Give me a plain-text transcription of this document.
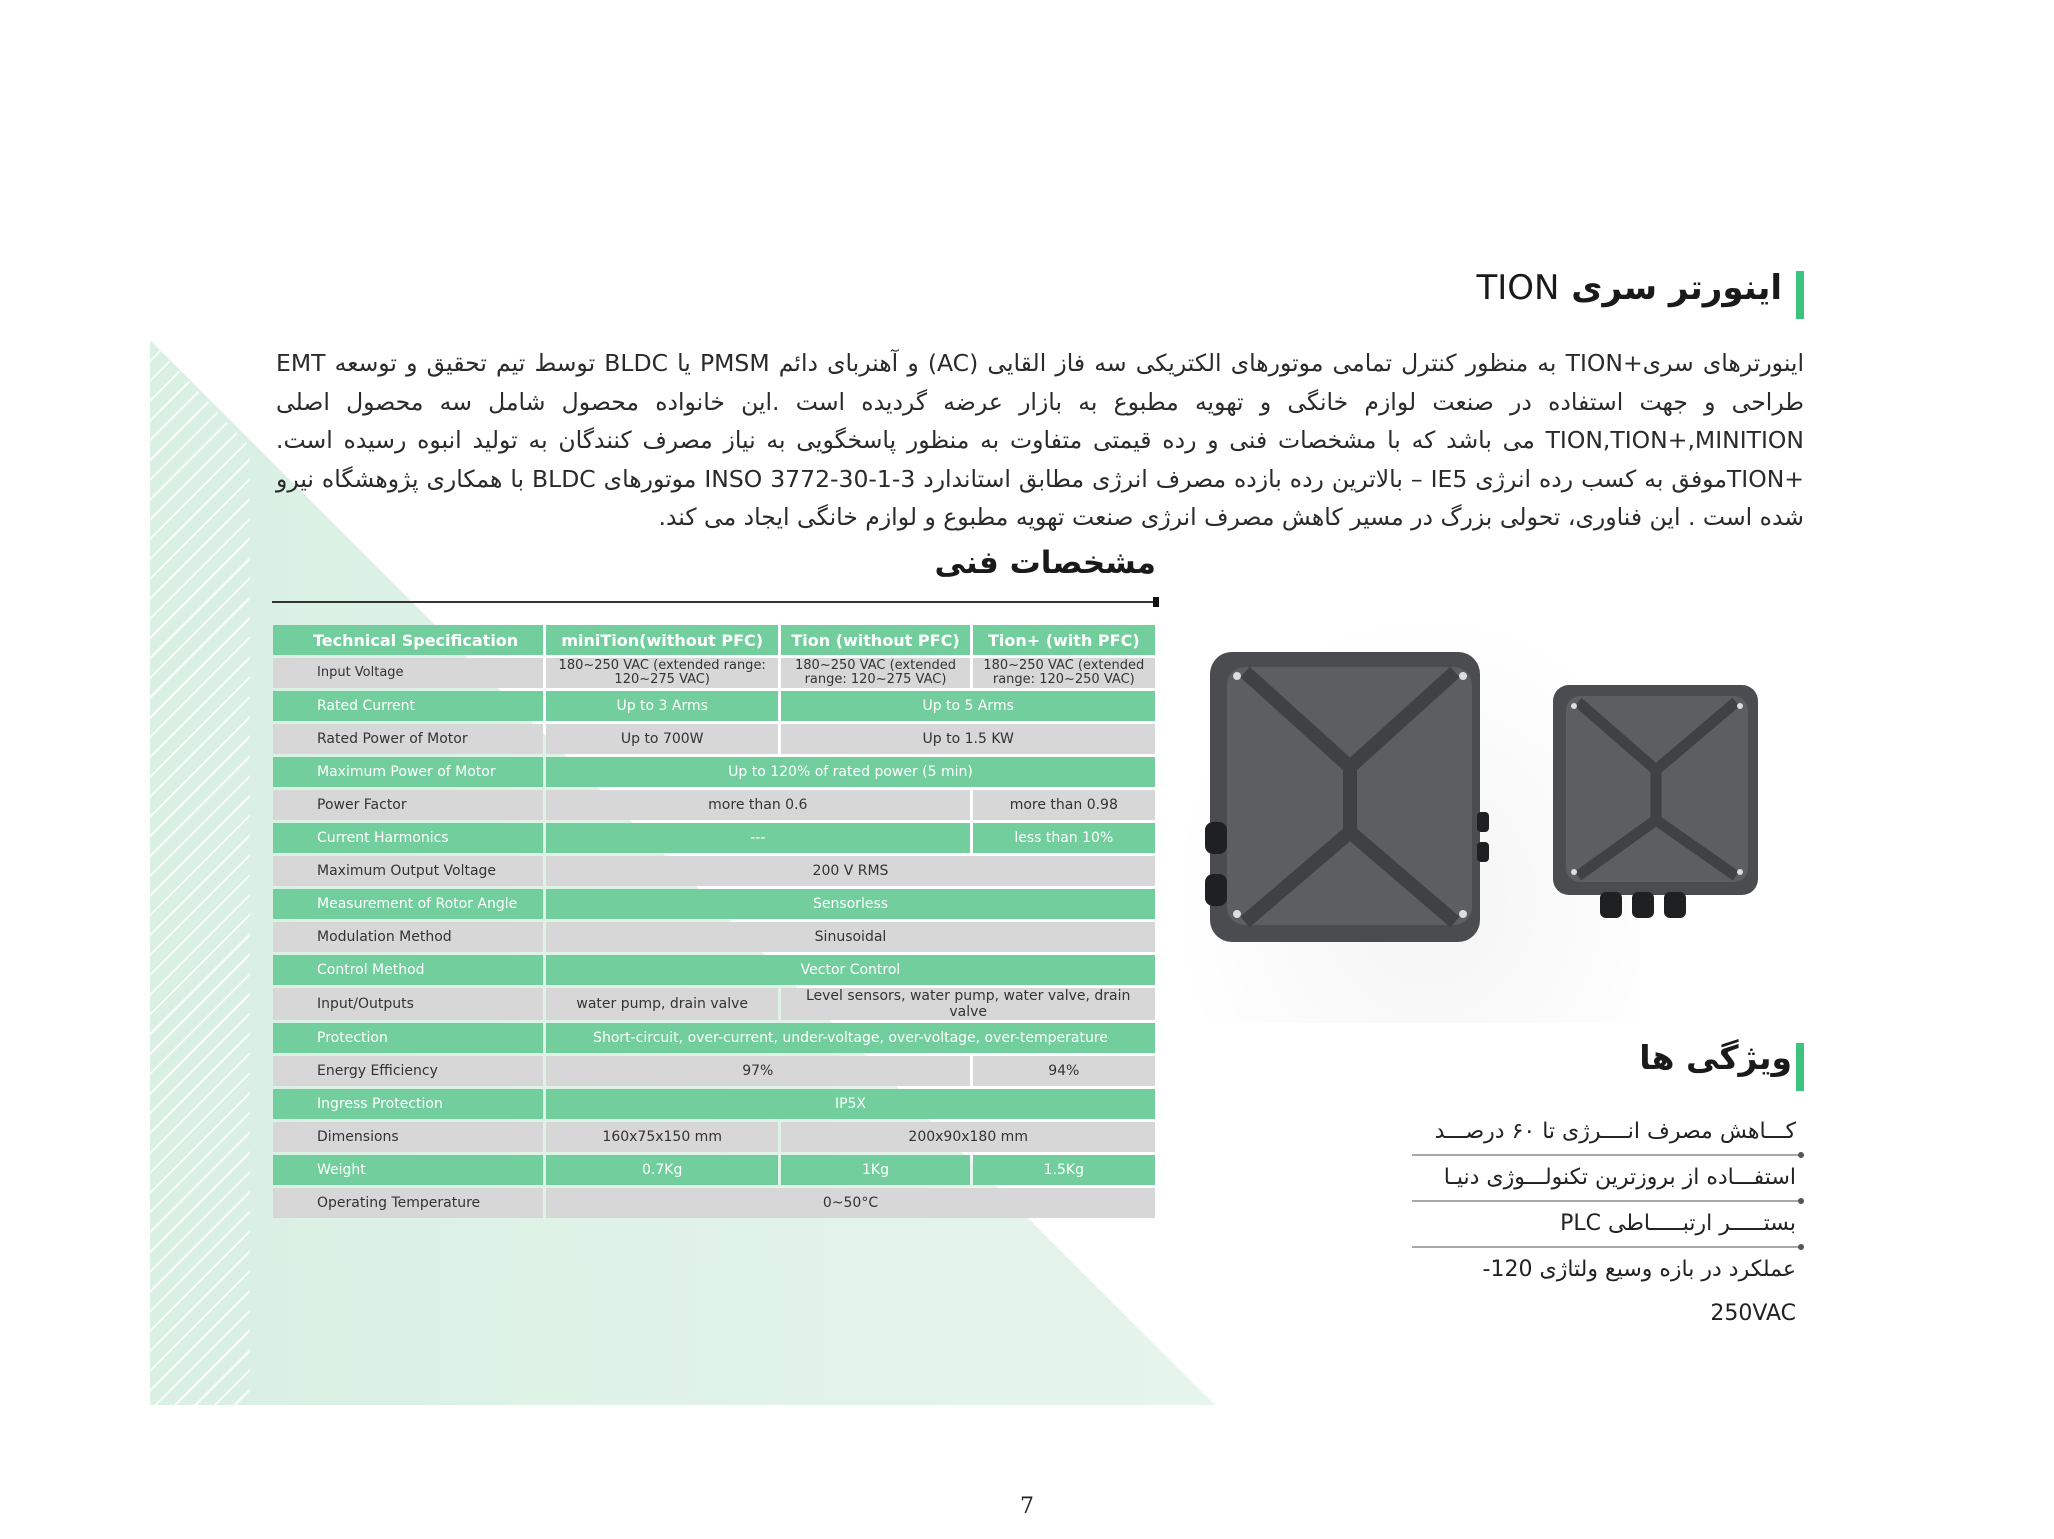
اینورتر سری TION
اینورترهای سری+TION به منظور کنترل تمامی موتورهای الکتریکی سه فاز القایی (AC) و آهنربای دائم PMSM یا BLDC توسط تیم تحقیق و توسعه EMT طراحی و جهت استفاده در صنعت لوازم خانگی و تهویه مطبوع به بازار عرضه گردیده است .این خانواده محصول شامل سه محصول اصلی TION,TION+,MINITION می باشد که با مشخصات فنی و رده قیمتی متفاوت به منظور پاسخگویی به نیاز مصرف کنندگان به تولید انبوه رسیده است. +TIONموفق به کسب رده انرژی IE5 – بالاترین رده بازده مصرف انرژی مطابق استاندارد INSO 3772-30-1-3 موتورهای BLDC با همکاری پژوهشگاه نیرو شده است . این فناوری، تحولی بزرگ در مسیر کاهش مصرف انرژی صنعت تهویه مطبوع و لوازم خانگی ایجاد می کند.
مشخصات فنی
Technical Specification	miniTion(without PFC)	Tion (without PFC)	Tion+ (with PFC)
Input Voltage	180~250 VAC (extended range: 120~275 VAC)	180~250 VAC (extended range: 120~275 VAC)	180~250 VAC (extended range: 120~250 VAC)
Rated Current	Up to 3 Arms	Up to 5 Arms	
Rated Power of Motor	Up to 700W	Up to 1.5 KW	
Maximum Power of Motor	Up to 120% of rated power (5 min)		
Power Factor	more than 0.6		more than 0.98
Current Harmonics	---		less than 10%
Maximum Output Voltage	200 V RMS		
Measurement of Rotor Angle	Sensorless		
Modulation Method	Sinusoidal		
Control Method	Vector Control		
Input/Outputs	water pump, drain valve	Level sensors, water pump, water valve, drain valve	
Protection	Short-circuit, over-current, under-voltage, over-voltage, over-temperature		
Energy Efficiency	97%		94%
Ingress Protection	IP5X		
Dimensions	160x75x150 mm	200x90x180 mm	
Weight	0.7Kg	1Kg	1.5Kg
Operating Temperature	0~50°C		
ویژگی ها
کـــاهش مصرف انــــرژی تا ۶۰ درصـــد
استفـــاده از بروزترین تکنولـــوژی دنیـا
بستـــــر ارتبـــــاطی PLC
عملکرد در بازه وسیع ولتاژی 120-250VAC
7
